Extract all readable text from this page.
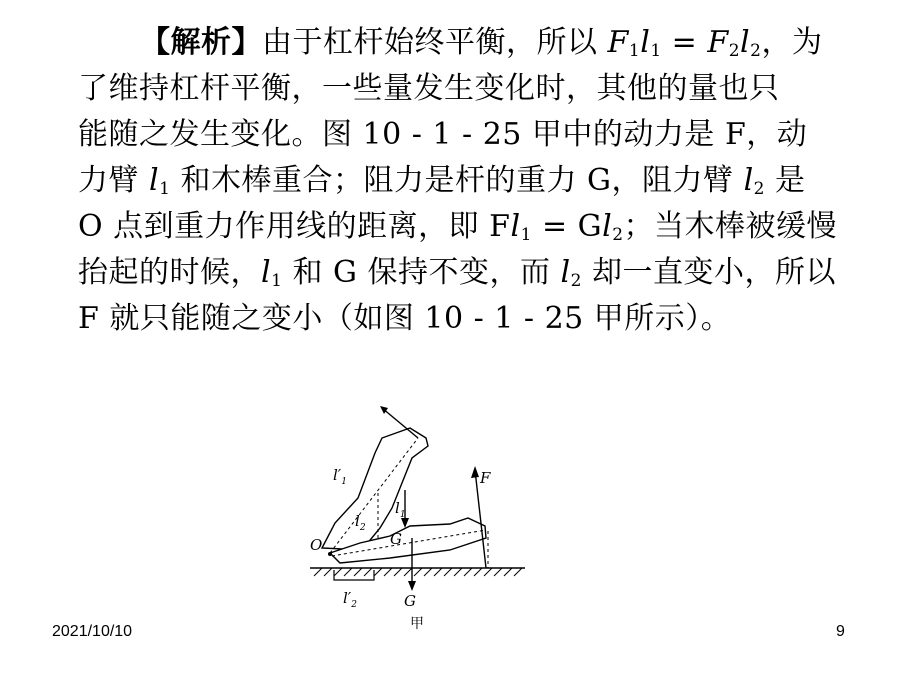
【解析】由于杠杆始终平衡，所以 $F_1l_1 = F_2l_2$，为
了维持杠杆平衡，一些量发生变化时，其他的量也只
能随之发生变化。图 10 - 1 - 25 甲中的动力是 F，动
力臂 $l_1$ 和木棒重合；阻力是杆的重力 G，阻力臂 $l_2$ 是
O 点到重力作用线的距离，即 $Fl_1 = Gl_2$；当木棒被缓慢
抬起的时候，$l_1$ 和 G 保持不变，而 $l_2$ 却一直变小，所以
F 就只能随之变小（如图 10 - 1 - 25 甲所示）。
$l'_1$
$l_2$
$l_1$
G
O
F
$l'_2$	G
甲
2021/10/10	9
